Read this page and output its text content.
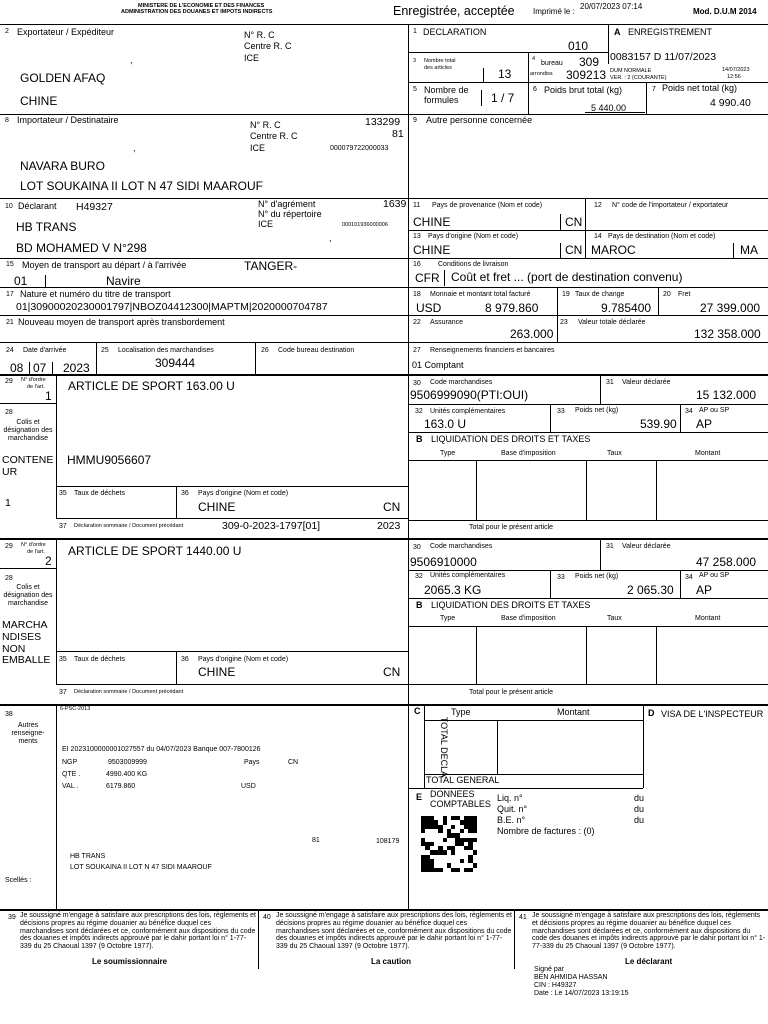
MINISTERE DE L'ECONOMIE ET DES FINANCES
ADMINISTRATION DES DOUANES ET IMPOTS INDIRECTS	Enregistrée, acceptée Imprimé le :
20/07/2023 07:14
Mod. D.U.M 2014
2 Exportateur / Expéditeur	N° R. C
Centre R. C
ICE
,
GOLDEN AFAQ
CHINE
1 DECLARATION
010
A ENREGISTREMENT
0083157 D 11/07/2023
DUM NORMALE
VER. : 2 (COURANTE)
14/07/2023
12:56
3 Nombre total
des articles	13
4
bureau 309
arrondiss 309213
5 Nombre de
formules	1 / 7
6 Poids brut total (kg)
5 440.00
7 Poids net total (kg)
4 990.40
8 Importateur / Destinataire	N° R. C	133299
Centre R. C	81
ICE	000079722000033
,
NAVARA BURO
LOT SOUKAINA II LOT N 47 SIDI MAAROUF
9 Autre personne concernée
10 Déclarant H49327	N° d'agrément	1639
N° du répertoire
ICE	000101936000006
,
HB TRANS
BD MOHAMED V N°298
11 Pays de provenance (Nom et code)
CHINE	CN
12 N° code de l'importateur / exportateur
13 Pays d'origine (Nom et code)
CHINE	CN
14 Pays de destination (Nom et code)
MAROC	MA
15 Moyen de transport au départ / à l'arrivée	TANGER-
01	Navire
16 Conditions de livraison
CFR Coût et fret ... (port de destination convenu)
17 Nature et numéro du titre de transport
01|30900020230001797|NBOZ04412300|MAPTM|2020000704787
18 Monnaie et montant total facturé
USD	8 979.860
19 Taux de change
9.785400
20 Fret
27 399.000
21 Nouveau moyen de transport après transbordement	22 Assurance
263.000
23 Valeur totale déclarée
132 358.000
24 Date d'arrivée
08 07 2023
25 Localisation des marchandises
309444
26 Code bureau destination	27 Renseignements financiers et bancaires
01 Comptant
29 N° d'ordre
de l'art.
1
ARTICLE DE SPORT 163.00 U
28
Colis et désignation des marchandise
CONTENE UR
HMMU9056607
1
30 Code marchandises
9506999090(PTI:OUI)
31 Valeur déclarée
15 132.000
32 Unités complémentaires
163.0 U
33 Poids net (kg)
539.90
34 AP ou SP
AP
B LIQUIDATION DES DROITS ET TAXES
Type	Base d'imposition	Taux	Montant
Total pour le présent article
35 Taux de déchets	36 Pays d'origine (Nom et code)
CHINE	CN
37 Déclaration sommaire / Document précédant	309-0-2023-1797[01]	2023
29 N° d'ordre
de l'art.
2
ARTICLE DE SPORT 1440.00 U
28
Colis et désignation des marchandise
MARCHA NDISES NON EMBALLE
30 Code marchandises
9506910000
31 Valeur déclarée
47 258.000
32 Unités complémentaires
2065.3 KG
33 Poids net (kg)
2 065.30
34 AP ou SP
AP
B LIQUIDATION DES DROITS ET TAXES
Type	Base d'imposition	Taux	Montant
Total pour le présent article
35 Taux de déchets	36 Pays d'origine (Nom et code)
CHINE	CN
37 Déclaration sommaire / Document précédant
38
Autres renseigne- ments
6-PSC-2013
EI 2023100000001027557 du 04/07/2023 Banque 007-7800126
NGP	9503009999	Pays	CN
QTE .	4990.400 KG
VAL .	6179.860	USD
81	108179
HB TRANS
LOT SOUKAINA II LOT N 47 SIDI MAAROUF
Scellés :
C
TOTAL DECLA
Type	Montant
TOTAL GENERAL
D VISA DE L'INSPECTEUR
E DONNEES
COMPTABLES
Liq. n°
Quit. n°
B.E. n°
du
du
du
Nombre de factures : (0)
39 Je soussigné m'engage à satisfaire aux prescriptions des lois, règlements et décisions propres au régime douanier au bénéfice duquel ces marchandises sont déclarées et ce, conformément aux dispositions du code des douanes et impôts indirects approuvé par le dahir portant loi n° 1-77-339 du 25 Chaoual 1397 (9 Octobre 1977).
Le soumissionnaire
40 Je soussigné m'engage à satisfaire aux prescriptions des lois, règlements et décisions propres au régime douanier au bénéfice duquel ces marchandises sont déclarées et ce, conformément aux dispositions du code des douanes et impôts indirects approuvé par le dahir portant loi n° 1-77-339 du 25 Chaoual 1397 (9 Octobre 1977).
La caution
41 Je soussigné m'engage à satisfaire aux prescriptions des lois, règlements et décisions propres au régime douanier au bénéfice duquel ces marchandises sont déclarées et ce, conformément aux dispositions du code des douanes et impôts indirects approuvé par le dahir portant loi n° 1-77-339 du 25 Chaoual 1397 (9 Octobre 1977).
Le déclarant
Signé par
BEN AHMIDA HASSAN
CIN : H49327
Date : Le 14/07/2023 13:19:15
